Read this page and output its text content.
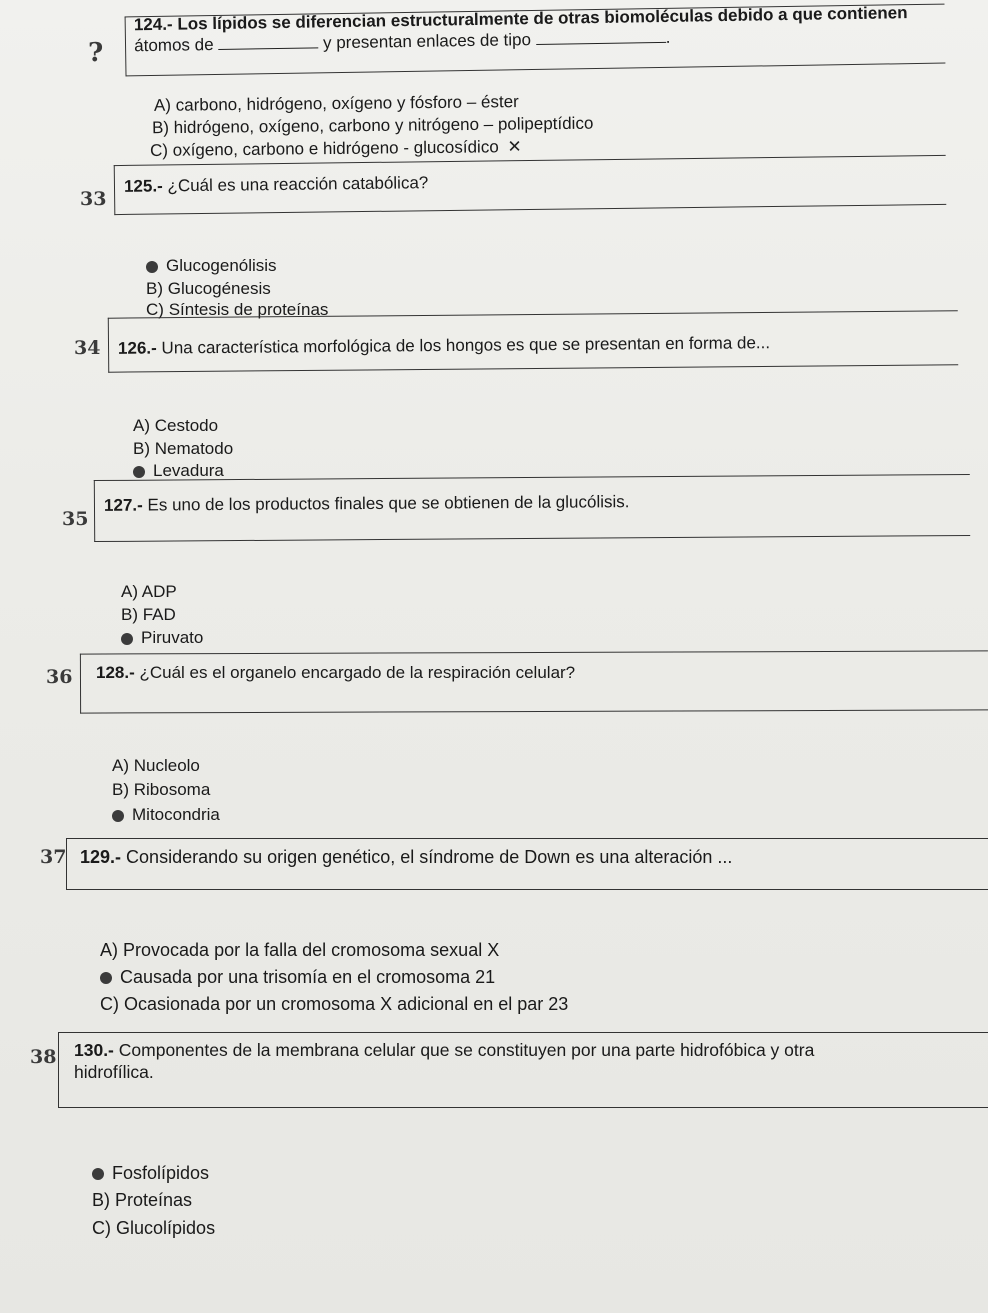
?
124.- Los lípidos se diferencian estructuralmente de otras biomoléculas debido a que contienen
átomos de	y presentan enlaces de tipo	.
A) carbono, hidrógeno, oxígeno y fósforo – éster
B) hidrógeno, oxígeno, carbono y nitrógeno – polipeptídico
C) oxígeno, carbono e hidrógeno - glucosídico ✕
33
125.- ¿Cuál es una reacción catabólica?
Glucogenólisis
B) Glucogénesis
C) Síntesis de proteínas
34 126.- Una característica morfológica de los hongos es que se presentan en forma de...
A) Cestodo
B) Nematodo
Levadura
35
127.- Es uno de los productos finales que se obtienen de la glucólisis.
A) ADP
B) FAD
Piruvato
36 128.- ¿Cuál es el organelo encargado de la respiración celular?
A) Nucleolo
B) Ribosoma
Mitocondria
37 129.- Considerando su origen genético, el síndrome de Down es una alteración ...
A) Provocada por la falla del cromosoma sexual X
Causada por una trisomía en el cromosoma 21
C) Ocasionada por un cromosoma X adicional en el par 23
38 130.- Componentes de la membrana celular que se constituyen por una parte hidrofóbica y otra
hidrofílica.
Fosfolípidos
B) Proteínas
C) Glucolípidos
